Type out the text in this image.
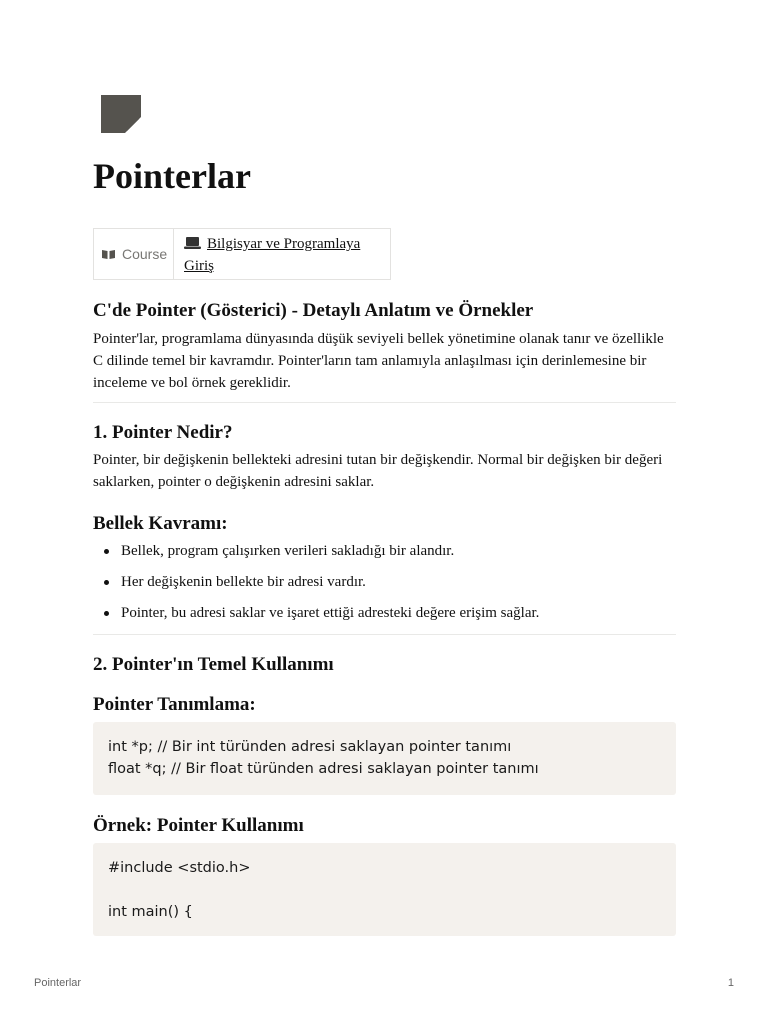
Pointerlar
Course
Bilgisyar ve Programlaya Giriş
C'de Pointer (Gösterici) - Detaylı Anlatım ve Örnekler

Pointer'lar, programlama dünyasında düşük seviyeli bellek yönetimine olanak tanır ve özellikle C dilinde temel bir kavramdır. Pointer'ların tam anlamıyla anlaşılması için derinlemesine bir inceleme ve bol örnek gereklidir.

1. Pointer Nedir?

Pointer, bir değişkenin bellekteki adresini tutan bir değişkendir. Normal bir değişken bir değeri saklarken, pointer o değişkenin adresini saklar.

Bellek Kavramı:
Bellek, program çalışırken verileri sakladığı bir alandır.
Her değişkenin bellekte bir adresi vardır.
Pointer, bu adresi saklar ve işaret ettiği adresteki değere erişim sağlar.
2. Pointer'ın Temel Kullanımı
Pointer Tanımlama:
int *p; // Bir int türünden adresi saklayan pointer tanımı
float *q; // Bir float türünden adresi saklayan pointer tanımı
Örnek: Pointer Kullanımı
#include <stdio.h>

int main() {
Pointerlar	1
